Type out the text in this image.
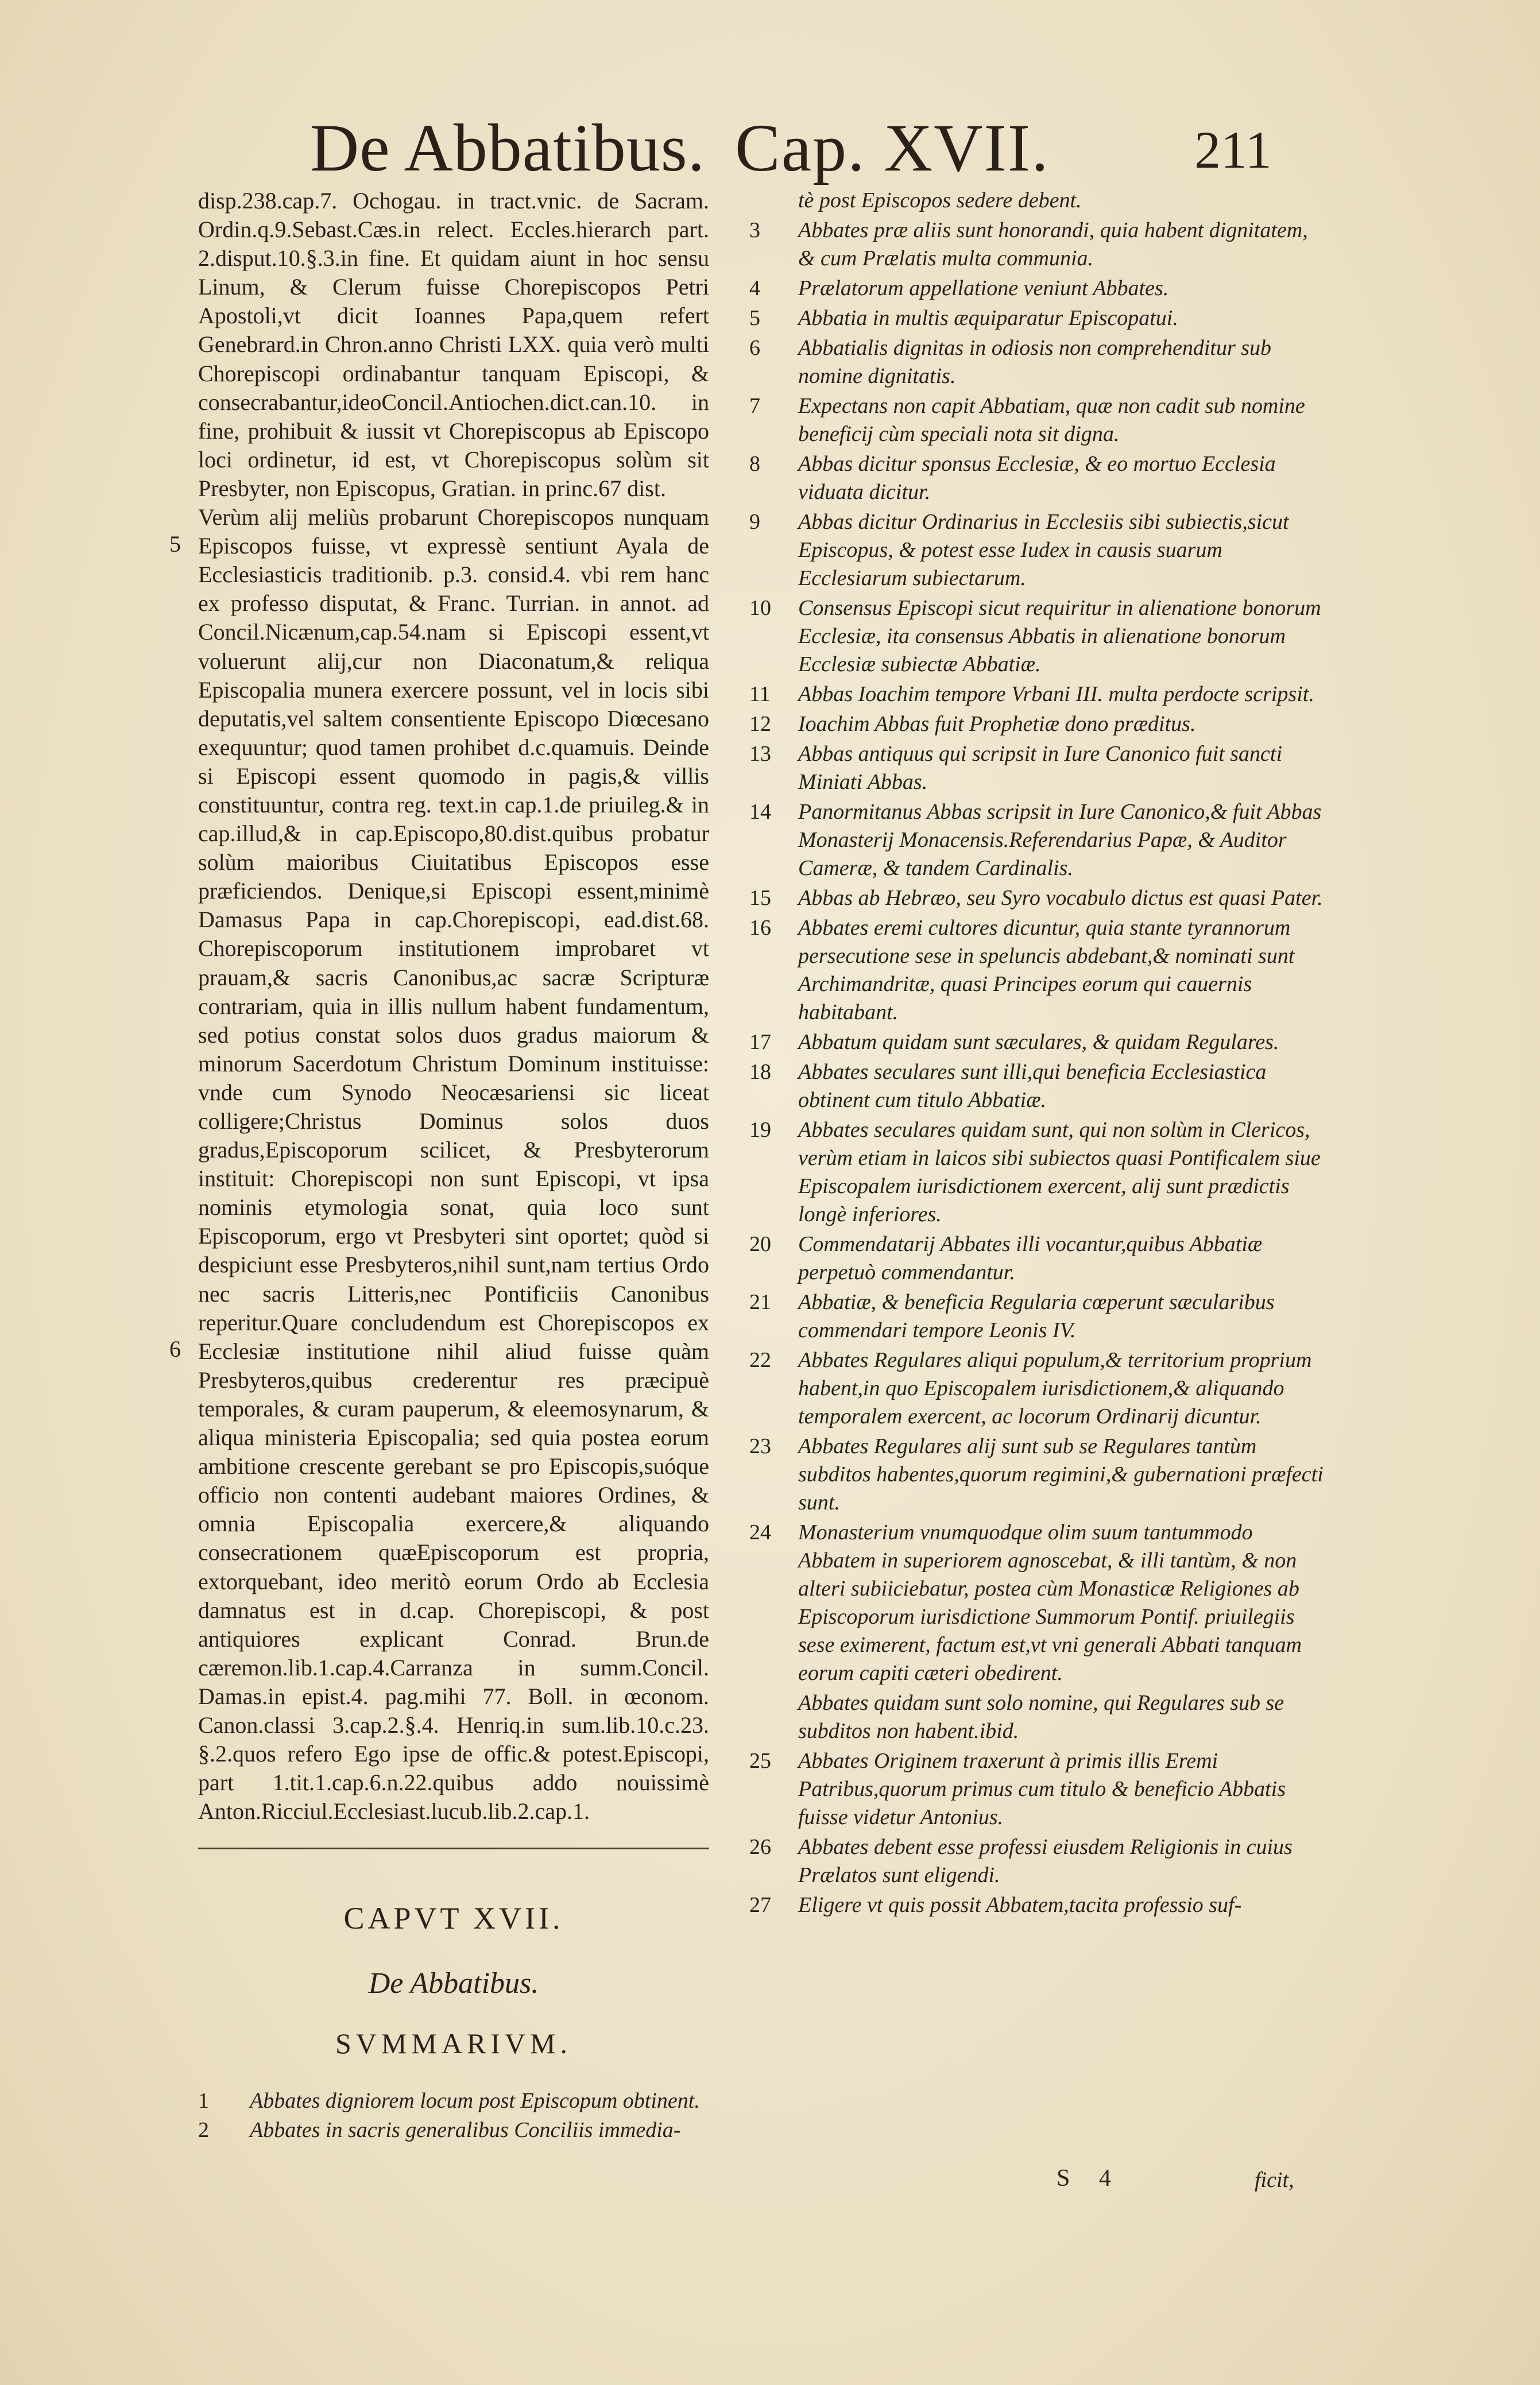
De Abbatibus. Cap. XVII.	211

disp.238.cap.7. Ochogau. in tract.vnic. de Sacram. Ordin.q.9.Sebast.Cæs.in relect. Eccles.hierarch part. 2.disput.10.§.3.in fine. Et quidam aiunt in hoc sensu Linum, & Clerum fuisse Chorepiscopos Petri Apostoli,vt dicit Ioannes Papa,quem refert Genebrard.in Chron.anno Christi LXX. quia verò multi Chorepiscopi ordinabantur tanquam Episcopi, & consecrabantur,ideoConcil.Antiochen.dict.can.10. in fine, prohibuit & iussit vt Chorepiscopus ab Episcopo loci ordinetur, id est, vt Chorepiscopus solùm sit Presbyter, non Episcopus, Gratian. in princ.67 dist.

Verùm alij meliùs probarunt Chorepiscopos nunquam Episcopos fuisse, vt expressè sentiunt Ayala de Ecclesiasticis traditionib. p.3. consid.4. vbi rem hanc ex professo disputat, & Franc. Turrian. in annot. ad Concil.Nicænum,cap.54.nam si Episcopi essent,vt voluerunt alij,cur non Diaconatum,& reliqua Episcopalia munera exercere possunt, vel in locis sibi deputatis,vel saltem consentiente Episcopo Diœcesano exequuntur; quod tamen prohibet d.c.quamuis. Deinde si Episcopi essent quomodo in pagis,& villis constituuntur, contra reg. text.in cap.1.de priuileg.& in cap.illud,& in cap.Episcopo,80.dist.quibus probatur solùm maioribus Ciuitatibus Episcopos esse præficiendos. Denique,si Episcopi essent,minimè Damasus Papa in cap.Chorepiscopi, ead.dist.68. Chorepiscoporum institutionem improbaret vt prauam,& sacris Canonibus,ac sacræ Scripturæ contrariam, quia in illis nullum habent fundamentum, sed potius constat solos duos gradus maiorum & minorum Sacerdotum Christum Dominum instituisse: vnde cum Synodo Neocæsariensi sic liceat colligere;Christus Dominus solos duos gradus,Episcoporum scilicet, & Presbyterorum instituit: Chorepiscopi non sunt Episcopi, vt ipsa nominis etymologia sonat, quia loco sunt Episcoporum, ergo vt Presbyteri sint oportet; quòd si despiciunt esse Presbyteros,nihil sunt,nam tertius Ordo nec sacris Litteris,nec Pontificiis Canonibus reperitur.Quare concludendum est Chorepiscopos ex Ecclesiæ institutione nihil aliud fuisse quàm Presbyteros,quibus crederentur res præcipuè temporales, & curam pauperum, & eleemosynarum, & aliqua ministeria Episcopalia; sed quia postea eorum ambitione crescente gerebant se pro Episcopis,suóque officio non contenti audebant maiores Ordines, & omnia Episcopalia exercere,& aliquando consecrationem quæEpiscoporum est propria, extorquebant, ideo meritò eorum Ordo ab Ecclesia damnatus est in d.cap. Chorepiscopi, & post antiquiores explicant Conrad. Brun.de cæremon.lib.1.cap.4.Carranza in summ.Concil. Damas.in epist.4. pag.mihi 77. Boll. in œconom. Canon.classi 3.cap.2.§.4. Henriq.in sum.lib.10.c.23. §.2.quos refero Ego ipse de offic.& potest.Episcopi, part 1.tit.1.cap.6.n.22.quibus addo nouissimè Anton.Ricciul.Ecclesiast.lucub.lib.2.cap.1.

5
6
CAPVT XVII.
De Abbatibus.
SVMMARIVM.
1	Abbates digniorem locum post Episcopum obtinent.
2	Abbates in sacris generalibus Conciliis immedia-
tè post Episcopos sedere debent.
3	Abbates præ aliis sunt honorandi, quia habent dignitatem, & cum Prælatis multa communia.
4	Prælatorum appellatione veniunt Abbates.
5	Abbatia in multis æquiparatur Episcopatui.
6	Abbatialis dignitas in odiosis non comprehenditur sub nomine dignitatis.
7	Expectans non capit Abbatiam, quæ non cadit sub nomine beneficij cùm speciali nota sit digna.
8	Abbas dicitur sponsus Ecclesiæ, & eo mortuo Ecclesia viduata dicitur.
9	Abbas dicitur Ordinarius in Ecclesiis sibi subiectis,sicut Episcopus, & potest esse Iudex in causis suarum Ecclesiarum subiectarum.
10	Consensus Episcopi sicut requiritur in alienatione bonorum Ecclesiæ, ita consensus Abbatis in alienatione bonorum Ecclesiæ subiectæ Abbatiæ.
11	Abbas Ioachim tempore Vrbani III. multa perdocte scripsit.
12	Ioachim Abbas fuit Prophetiæ dono præditus.
13	Abbas antiquus qui scripsit in Iure Canonico fuit sancti Miniati Abbas.
14	Panormitanus Abbas scripsit in Iure Canonico,& fuit Abbas Monasterij Monacensis.Referendarius Papæ, & Auditor Cameræ, & tandem Cardinalis.
15	Abbas ab Hebræo, seu Syro vocabulo dictus est quasi Pater.
16	Abbates eremi cultores dicuntur, quia stante tyrannorum persecutione sese in speluncis abdebant,& nominati sunt Archimandritæ, quasi Principes eorum qui cauernis habitabant.
17	Abbatum quidam sunt sæculares, & quidam Regulares.
18	Abbates seculares sunt illi,qui beneficia Ecclesiastica obtinent cum titulo Abbatiæ.
19	Abbates seculares quidam sunt, qui non solùm in Clericos, verùm etiam in laicos sibi subiectos quasi Pontificalem siue Episcopalem iurisdictionem exercent, alij sunt prædictis longè inferiores.
20	Commendatarij Abbates illi vocantur,quibus Abbatiæ perpetuò commendantur.
21	Abbatiæ, & beneficia Regularia cœperunt sæcularibus commendari tempore Leonis IV.
22	Abbates Regulares aliqui populum,& territorium proprium habent,in quo Episcopalem iurisdictionem,& aliquando temporalem exercent, ac locorum Ordinarij dicuntur.
23	Abbates Regulares alij sunt sub se Regulares tantùm subditos habentes,quorum regimini,& gubernationi præfecti sunt.
24	Monasterium vnumquodque olim suum tantummodo Abbatem in superiorem agnoscebat, & illi tantùm, & non alteri subiiciebatur, postea cùm Monasticæ Religiones ab Episcoporum iurisdictione Summorum Pontif. priuilegiis sese eximerent, factum est,vt vni generali Abbati tanquam eorum capiti cæteri obedirent.
Abbates quidam sunt solo nomine, qui Regulares sub se subditos non habent.ibid.
25	Abbates Originem traxerunt à primis illis Eremi Patribus,quorum primus cum titulo & beneficio Abbatis fuisse videtur Antonius.
26	Abbates debent esse professi eiusdem Religionis in cuius Prælatos sunt eligendi.
27	Eligere vt quis possit Abbatem,tacita professio suf-
S 4	ficit,
